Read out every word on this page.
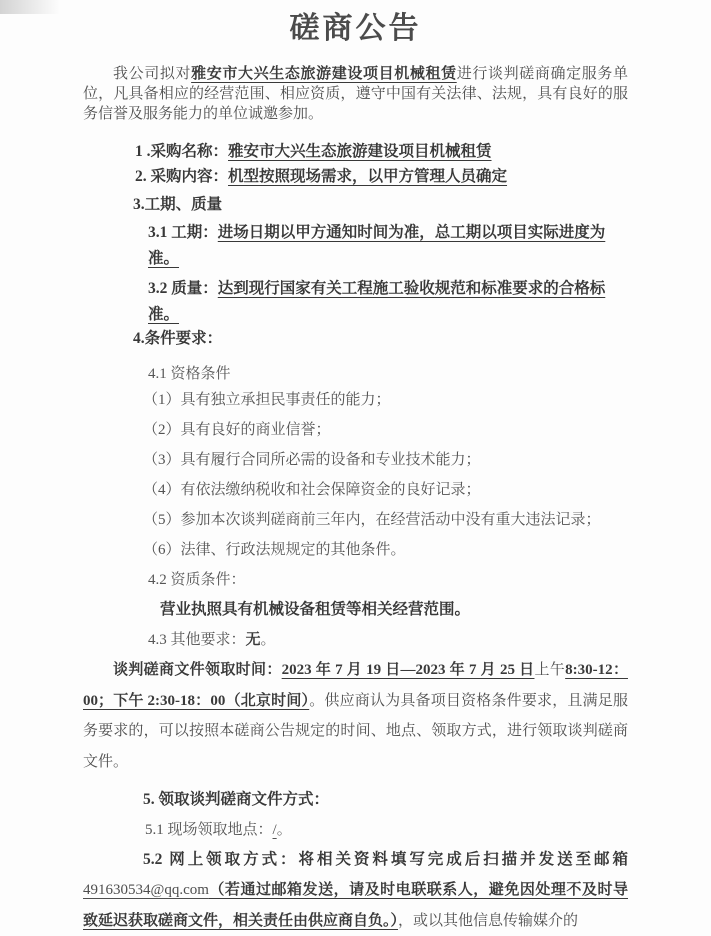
磋商公告

我公司拟对雅安市大兴生态旅游建设项目机械租赁进行谈判磋商确定服务单位，凡具备相应的经营范围、相应资质，遵守中国有关法律、法规，具有良好的服务信誉及服务能力的单位诚邀参加。

1 .采购名称：雅安市大兴生态旅游建设项目机械租赁
2. 采购内容：机型按照现场需求，以甲方管理人员确定
3.工期、质量
3.1 工期：进场日期以甲方通知时间为准，总工期以项目实际进度为准。
3.2 质量：达到现行国家有关工程施工验收规范和标准要求的合格标准。
4.条件要求：
4.1 资格条件
（1）具有独立承担民事责任的能力；
（2）具有良好的商业信誉；
（3）具有履行合同所必需的设备和专业技术能力；
（4）有依法缴纳税收和社会保障资金的良好记录；
（5）参加本次谈判磋商前三年内，在经营活动中没有重大违法记录；
（6）法律、行政法规规定的其他条件。
4.2 资质条件：
营业执照具有机械设备租赁等相关经营范围。
4.3 其他要求：无。

谈判磋商文件领取时间：2023 年 7 月 19 日—2023 年 7 月 25 日上午8:30-12：00；下午 2:30-18：00（北京时间）。供应商认为具备项目资格条件要求，且满足服务要求的，可以按照本磋商公告规定的时间、地点、领取方式，进行领取谈判磋商文件。

5. 领取谈判磋商文件方式：
5.1 现场领取地点：/。
5.2 网上领取方式：将相关资料填写完成后扫描并发送至邮箱

491630534@qq.com（若通过邮箱发送，请及时电联联系人，避免因处理不及时导致延迟获取磋商文件，相关责任由供应商自负。），或以其他信息传输媒介的
